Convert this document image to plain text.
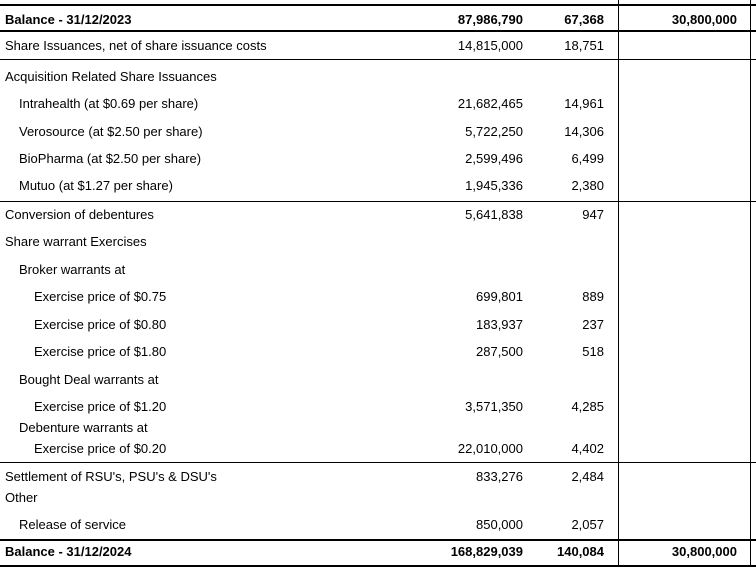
Balance - 31/12/2023	87,986,790	67,368	30,800,000
Share Issuances, net of share issuance costs	14,815,000	18,751
Acquisition Related Share Issuances
Intrahealth (at $0.69 per share)	21,682,465	14,961
Verosource (at $2.50 per share)	5,722,250	14,306
BioPharma (at $2.50 per share)	2,599,496	6,499
Mutuo (at $1.27 per share)	1,945,336	2,380
Conversion of debentures	5,641,838	947
Share warrant Exercises
Broker warrants at
Exercise price of $0.75	699,801	889
Exercise price of $0.80	183,937	237
Exercise price of $1.80	287,500	518
Bought Deal warrants at
Exercise price of $1.20	3,571,350	4,285
Debenture warrants at
Exercise price of $0.20	22,010,000	4,402
Settlement of RSU's, PSU's & DSU's	833,276	2,484
Other
Release of service	850,000	2,057
Balance - 31/12/2024	168,829,039	140,084	30,800,000
